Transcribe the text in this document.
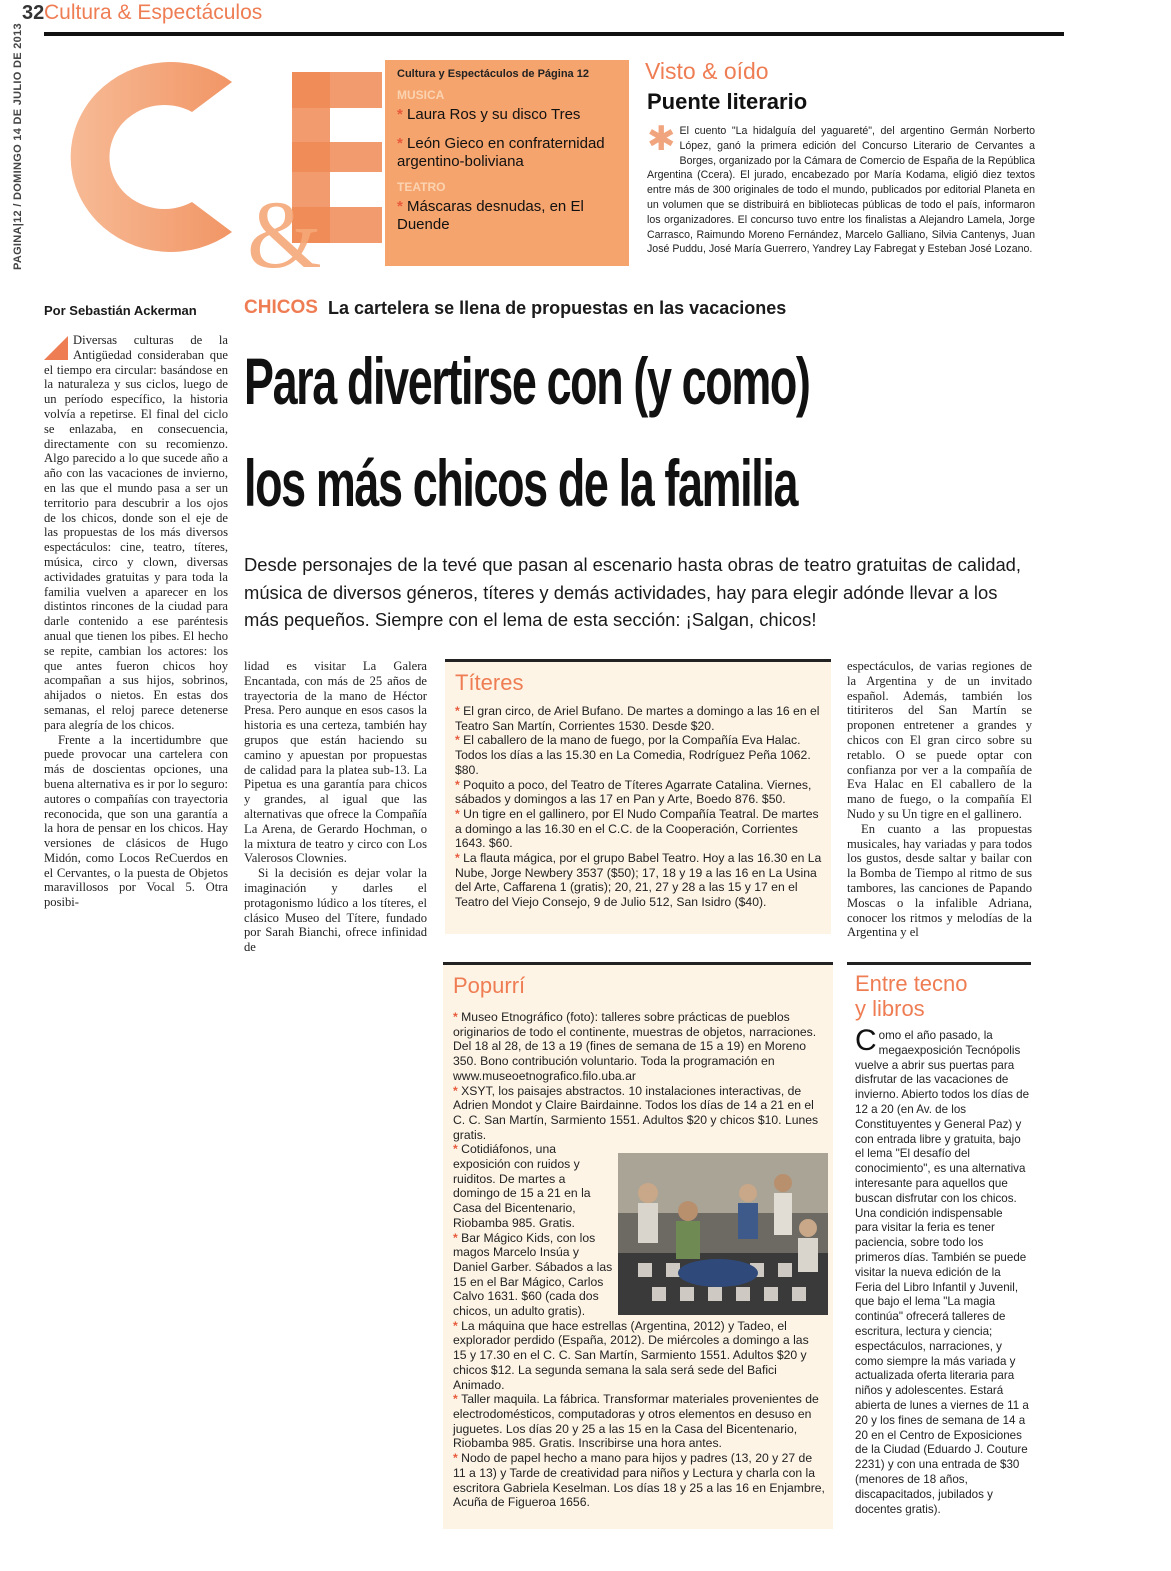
32 Cultura & Espectáculos
PAGINA|12 / DOMINGO 14 DE JULIO DE 2013 &
Cultura y Espectáculos de Página 12
MUSICA
* Laura Ros y su disco Tres
* León Gieco en confraternidad argentino-boliviana
TEATRO
* Máscaras desnudas, en El Duende
Visto & oído
Puente literario
✱ El cuento "La hidalguía del yaguareté", del argentino Germán Norberto López, ganó la primera edición del Concurso Literario de Cervantes a Borges, organizado por la Cámara de Comercio de España de la República Argentina (Ccera). El jurado, encabezado por María Kodama, eligió diez textos entre más de 300 originales de todo el mundo, publicados por editorial Planeta en un volumen que se distribuirá en bibliotecas públicas de todo el país, informaron los organizadores. El concurso tuvo entre los finalistas a Alejandro Lamela, Jorge Carrasco, Raimundo Moreno Fernández, Marcelo Galliano, Silvia Cantenys, Juan José Puddu, José María Guerrero, Yandrey Lay Fabregat y Esteban José Lozano.
Por Sebastián Ackerman CHICOS La cartelera se llena de propuestas en las vacaciones
Para divertirse con (y como)
los más chicos de la familia
Desde personajes de la tevé que pasan al escenario hasta obras de teatro gratuitas de calidad, música de diversos géneros, títeres y demás actividades, hay para elegir adónde llevar a los más pequeños. Siempre con el lema de esta sección: ¡Salgan, chicos!
Diversas culturas de la Antigüedad consideraban que el tiempo era circular: basándose en la naturaleza y sus ciclos, luego de un período específico, la historia volvía a repetirse. El final del ciclo se enlazaba, en consecuencia, directamente con su recomienzo. Algo parecido a lo que sucede año a año con las vacaciones de invierno, en las que el mundo pasa a ser un territorio para descubrir a los ojos de los chicos, donde son el eje de las propuestas de los más diversos espectáculos: cine, teatro, títeres, música, circo y clown, diversas actividades gratuitas y para toda la familia vuelven a aparecer en los distintos rincones de la ciudad para darle contenido a ese paréntesis anual que tienen los pibes. El hecho se repite, cambian los actores: los que antes fueron chicos hoy acompañan a sus hijos, sobrinos, ahijados o nietos. En estas dos semanas, el reloj parece detenerse para alegría de los chicos.
Frente a la incertidumbre que puede provocar una cartelera con más de doscientas opciones, una buena alternativa es ir por lo seguro: autores o compañías con trayectoria reconocida, que son una garantía a la hora de pensar en los chicos. Hay versiones de clásicos de Hugo Midón, como Locos ReCuerdos en el Cervantes, o la puesta de Objetos maravillosos por Vocal 5. Otra posibi-
lidad es visitar La Galera Encantada, con más de 25 años de trayectoria de la mano de Héctor Presa. Pero aunque en esos casos la historia es una certeza, también hay grupos que están haciendo su camino y apuestan por propuestas de calidad para la platea sub-13. La Pipetua es una garantía para chicos y grandes, al igual que las alternativas que ofrece la Compañía La Arena, de Gerardo Hochman, o la mixtura de teatro y circo con Los Valerosos Clownies.
Si la decisión es dejar volar la imaginación y darles el protagonismo lúdico a los títeres, el clásico Museo del Títere, fundado por Sarah Bianchi, ofrece infinidad de
espectáculos, de varias regiones de la Argentina y de un invitado español. Además, también los titiriteros del San Martín se proponen entretener a grandes y chicos con El gran circo sobre su retablo. O se puede optar con confianza por ver a la compañía de Eva Halac en El caballero de la mano de fuego, o la compañía El Nudo y su Un tigre en el gallinero.
En cuanto a las propuestas musicales, hay variadas y para todos los gustos, desde saltar y bailar con la Bomba de Tiempo al ritmo de sus tambores, las canciones de Papando Moscas o la infalible Adriana, conocer los ritmos y melodías de la Argentina y el
Títeres
* El gran circo, de Ariel Bufano. De martes a domingo a las 16 en el Teatro San Martín, Corrientes 1530. Desde $20.
* El caballero de la mano de fuego, por la Compañía Eva Halac. Todos los días a las 15.30 en La Comedia, Rodríguez Peña 1062. $80.
* Poquito a poco, del Teatro de Títeres Agarrate Catalina. Viernes, sábados y domingos a las 17 en Pan y Arte, Boedo 876. $50.
* Un tigre en el gallinero, por El Nudo Compañía Teatral. De martes a domingo a las 16.30 en el C.C. de la Cooperación, Corrientes 1643. $60.
* La flauta mágica, por el grupo Babel Teatro. Hoy a las 16.30 en La Nube, Jorge Newbery 3537 ($50); 17, 18 y 19 a las 16 en La Usina del Arte, Caffarena 1 (gratis); 20, 21, 27 y 28 a las 15 y 17 en el Teatro del Viejo Consejo, 9 de Julio 512, San Isidro ($40).
Popurrí
* Museo Etnográfico (foto): talleres sobre prácticas de pueblos originarios de todo el continente, muestras de objetos, narraciones. Del 18 al 28, de 13 a 19 (fines de semana de 15 a 19) en Moreno 350. Bono contribución voluntario. Toda la programación en www.museoetnografico.filo.uba.ar
* XSYT, los paisajes abstractos. 10 instalaciones interactivas, de Adrien Mondot y Claire Bairdainne. Todos los días de 14 a 21 en el C. C. San Martín, Sarmiento 1551. Adultos $20 y chicos $10. Lunes gratis.
* Cotidiáfonos, una exposición con ruidos y ruiditos. De martes a domingo de 15 a 21 en la Casa del Bicentenario, Riobamba 985. Gratis.
* Bar Mágico Kids, con los magos Marcelo Insúa y Daniel Garber. Sábados a las 15 en el Bar Mágico, Carlos Calvo 1631. $60 (cada dos chicos, un adulto gratis).
* La máquina que hace estrellas (Argentina, 2012) y Tadeo, el explorador perdido (España, 2012). De miércoles a domingo a las 15 y 17.30 en el C. C. San Martín, Sarmiento 1551. Adultos $20 y chicos $12. La segunda semana la sala será sede del Bafici Animado.
* Taller maquila. La fábrica. Transformar materiales provenientes de electrodomésticos, computadoras y otros elementos en desuso en juguetes. Los días 20 y 25 a las 15 en la Casa del Bicentenario, Riobamba 985. Gratis. Inscribirse una hora antes.
* Nodo de papel hecho a mano para hijos y padres (13, 20 y 27 de 11 a 13) y Tarde de creatividad para niños y Lectura y charla con la escritora Gabriela Keselman. Los días 18 y 25 a las 16 en Enjambre, Acuña de Figueroa 1656.
Entre tecno
y libros
Como el año pasado, la megaexposición Tecnópolis vuelve a abrir sus puertas para disfrutar de las vacaciones de invierno. Abierto todos los días de 12 a 20 (en Av. de los Constituyentes y General Paz) y con entrada libre y gratuita, bajo el lema "El desafío del conocimiento", es una alternativa interesante para aquellos que buscan disfrutar con los chicos. Una condición indispensable para visitar la feria es tener paciencia, sobre todo los primeros días. También se puede visitar la nueva edición de la Feria del Libro Infantil y Juvenil, que bajo el lema "La magia continúa" ofrecerá talleres de escritura, lectura y ciencia; espectáculos, narraciones, y como siempre la más variada y actualizada oferta literaria para niños y adolescentes. Estará abierta de lunes a viernes de 11 a 20 y los fines de semana de 14 a 20 en el Centro de Exposiciones de la Ciudad (Eduardo J. Couture 2231) y con una entrada de $30 (menores de 18 años, discapacitados, jubilados y docentes gratis).
